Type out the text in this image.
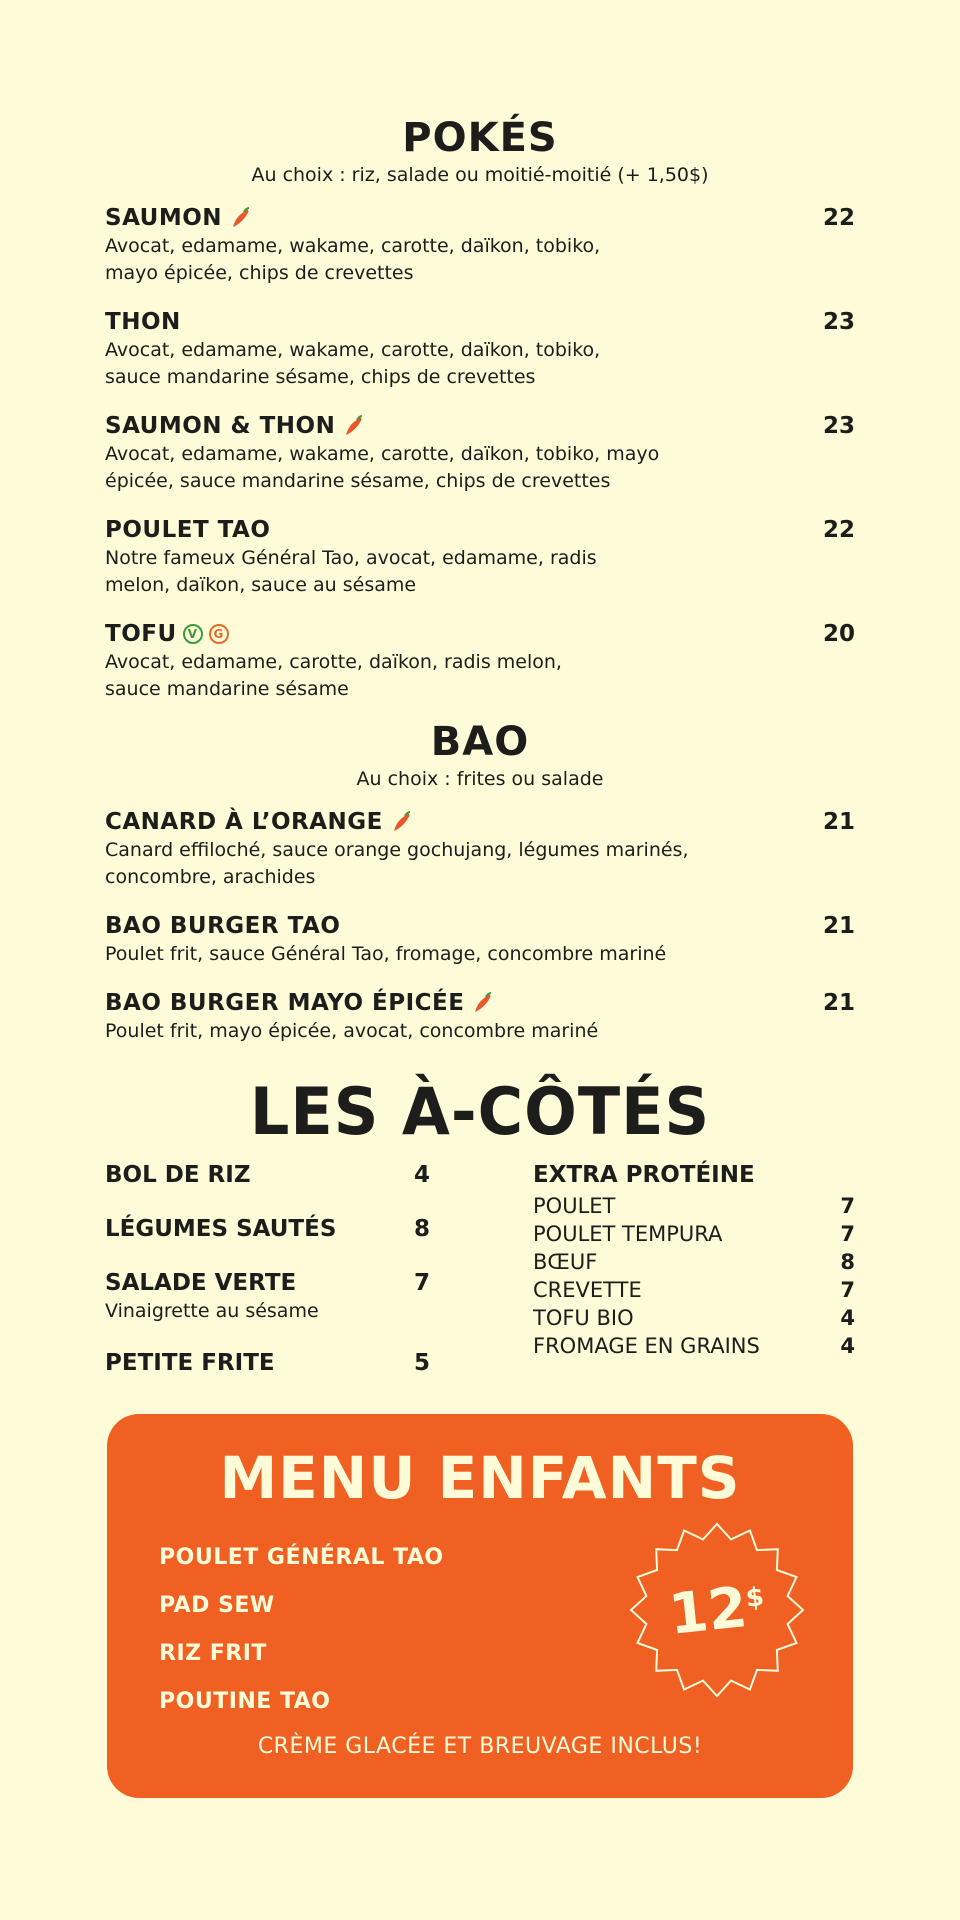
POKÉS
Au choix : riz, salade ou moitié-moitié (+ 1,50$)
SAUMON	22
Avocat, edamame, wakame, carotte, daïkon, tobiko,
mayo épicée, chips de crevettes
THON	23
Avocat, edamame, wakame, carotte, daïkon, tobiko,
sauce mandarine sésame, chips de crevettes
SAUMON & THON	23
Avocat, edamame, wakame, carotte, daïkon, tobiko, mayo
épicée, sauce mandarine sésame, chips de crevettes
POULET TAO	22
Notre fameux Général Tao, avocat, edamame, radis
melon, daïkon, sauce au sésame
TOFU V	G	20
Avocat, edamame, carotte, daïkon, radis melon,
sauce mandarine sésame
BAO
Au choix : frites ou salade
CANARD À L’ORANGE	21
Canard effiloché, sauce orange gochujang, légumes marinés,
concombre, arachides
BAO BURGER TAO	21
Poulet frit, sauce Général Tao, fromage, concombre mariné
BAO BURGER MAYO ÉPICÉE	21
Poulet frit, mayo épicée, avocat, concombre mariné
LES À-CÔTÉS
BOL DE RIZ	4
LÉGUMES SAUTÉS	8
SALADE VERTE	7
Vinaigrette au sésame
PETITE FRITE	5
EXTRA PROTÉINE
POULET	7
POULET TEMPURA	7
BŒUF	8
CREVETTE	7
TOFU BIO	4
FROMAGE EN GRAINS	4
MENU ENFANTS
POULET GÉNÉRAL TAO
PAD SEW
RIZ FRIT
POUTINE TAO
12
$
CRÈME GLACÉE ET BREUVAGE INCLUS!
